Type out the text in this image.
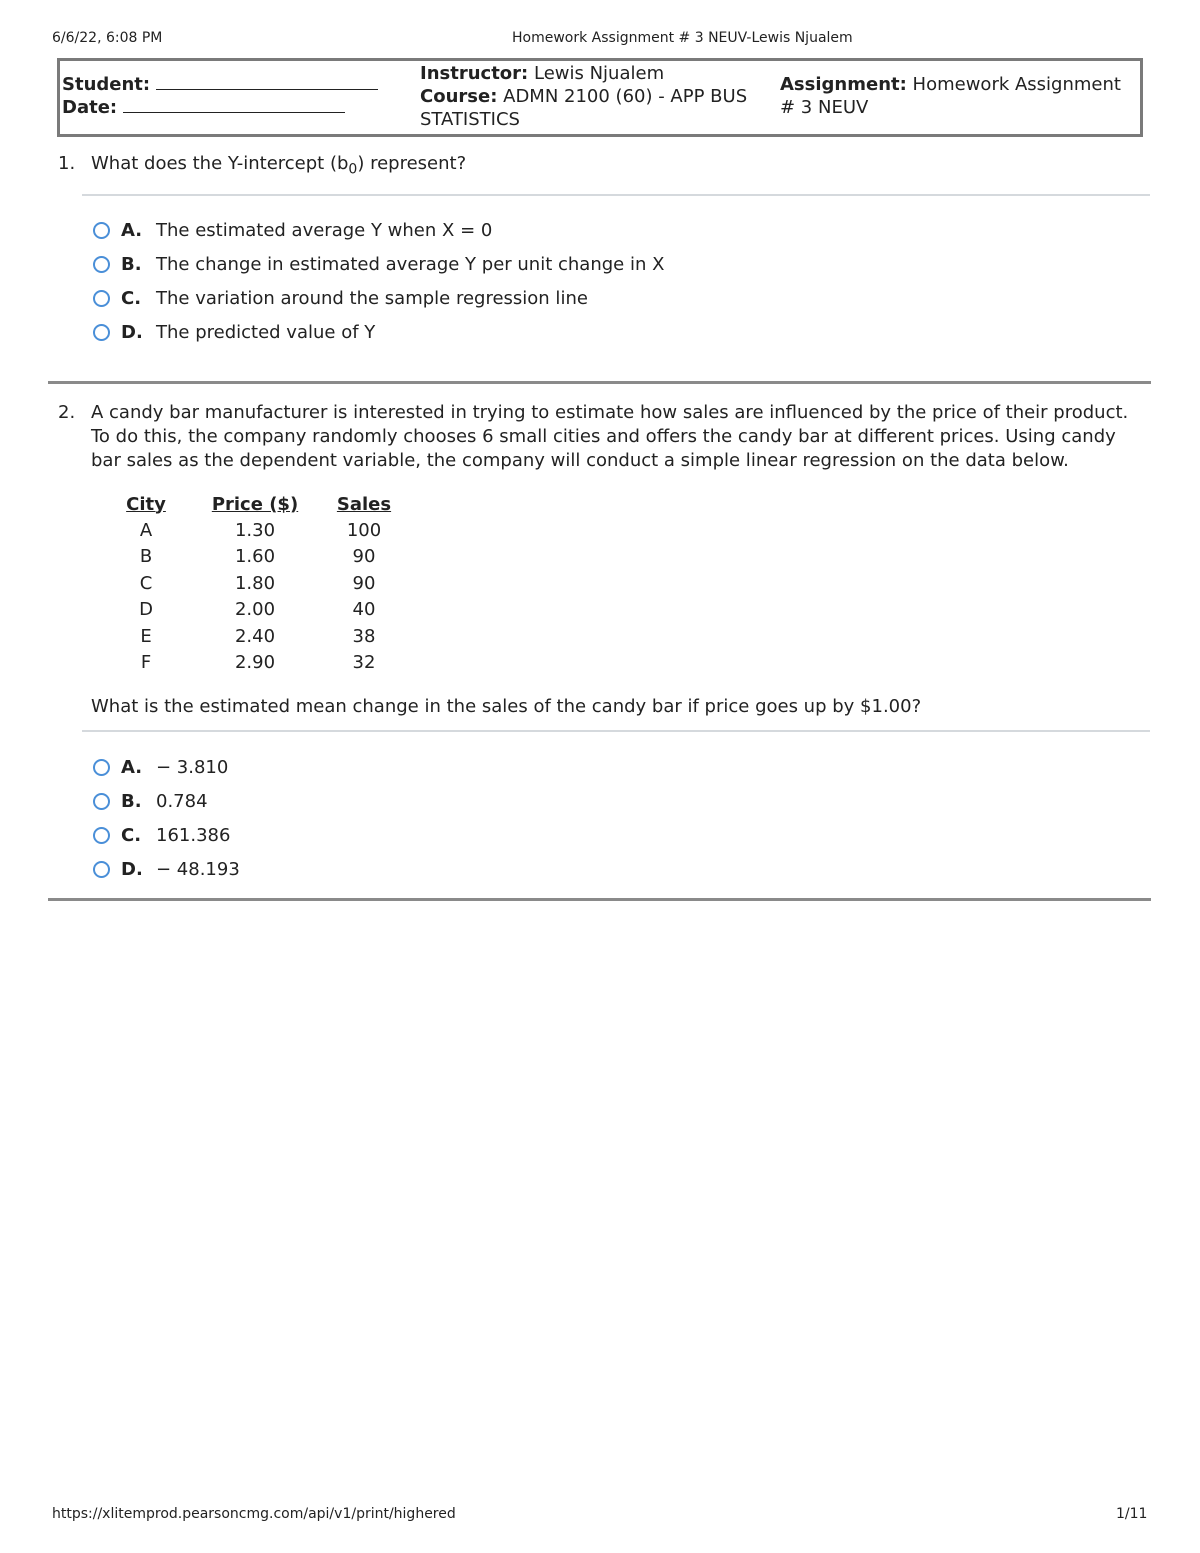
6/6/22, 6:08 PM	Homework Assignment # 3 NEUV-Lewis Njualem
Student:
Date:
Instructor: Lewis Njualem
Course: ADMN 2100 (60) - APP BUS STATISTICS
Assignment: Homework Assignment # 3 NEUV
1. What does the Y-intercept $(b_0)$ represent?
A. The estimated average Y when X = 0
B. The change in estimated average Y per unit change in X
C. The variation around the sample regression line
D. The predicted value of Y
2. A candy bar manufacturer is interested in trying to estimate how sales are influenced by the price of their product. To do this, the company randomly chooses 6 small cities and offers the candy bar at different prices. Using candy bar sales as the dependent variable, the company will conduct a simple linear regression on the data below.
City	Price ($)	Sales
A	1.30	100
B	1.60	90
C	1.80	90
D	2.00	40
E	2.40	38
F	2.90	32
What is the estimated mean change in the sales of the candy bar if price goes up by $1.00?
A. − 3.810
B. 0.784
C. 161.386
D. − 48.193
https://xlitemprod.pearsoncmg.com/api/v1/print/highered	1/11
